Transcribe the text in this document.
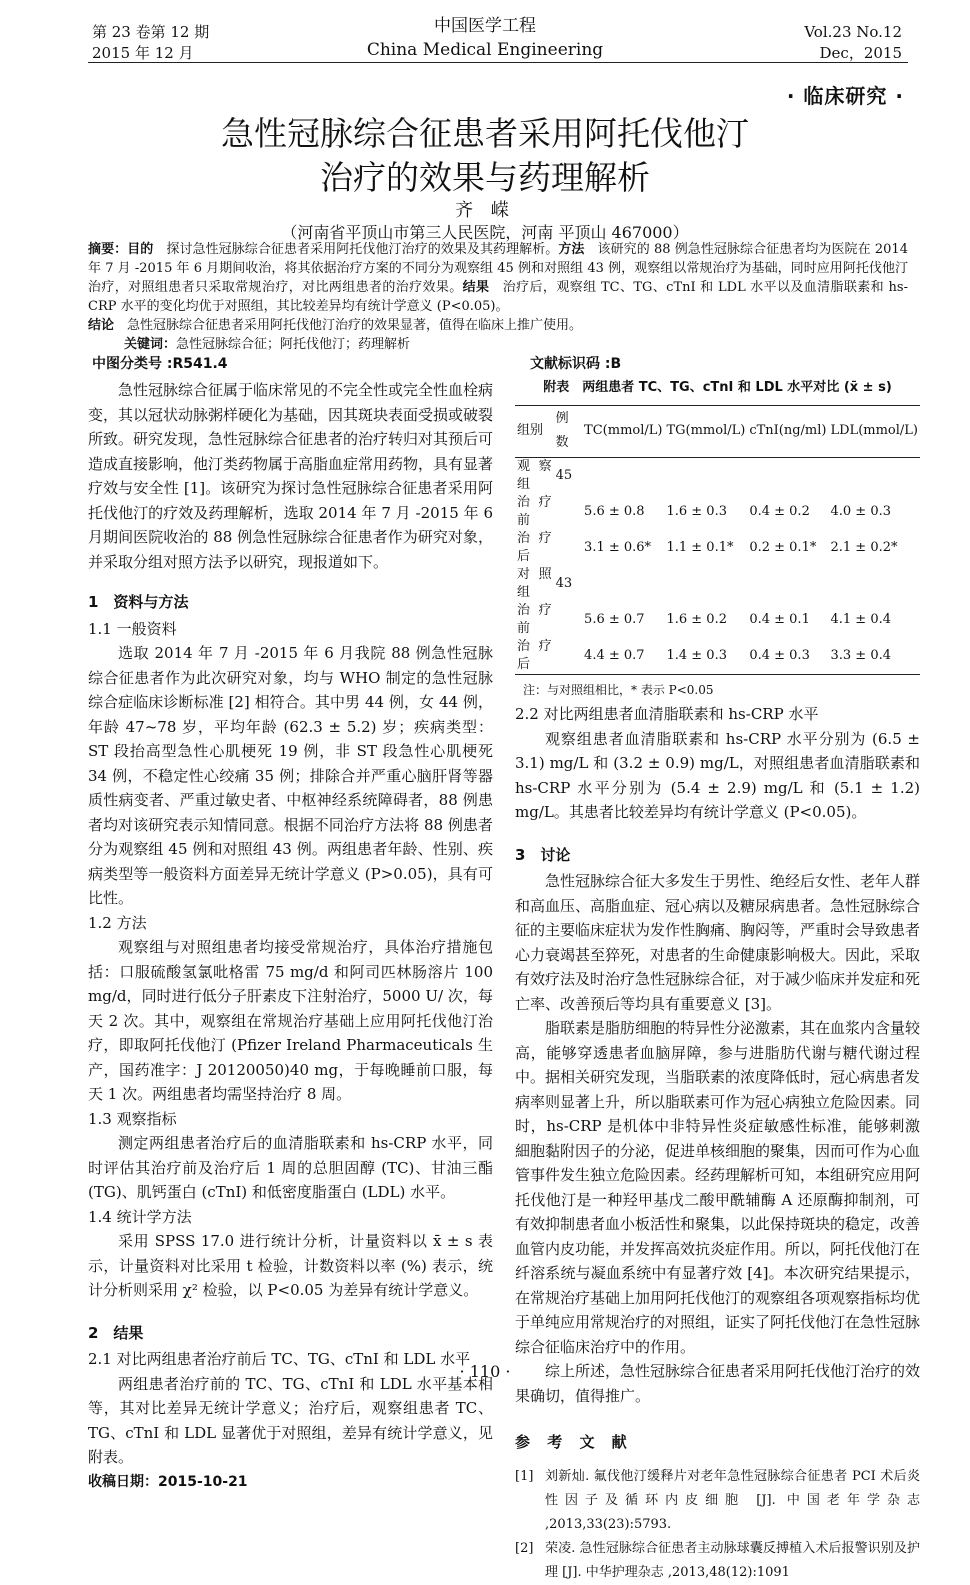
第 23 卷第 12 期
2015 年 12 月
中国医学工程
China Medical Engineering
Vol.23 No.12
Dec，2015
· 临床研究 ·
急性冠脉综合征患者采用阿托伐他汀
治疗的效果与药理解析
齐 嵘
（河南省平顶山市第三人民医院，河南 平顶山 467000）
摘要：目的　 探讨急性冠脉综合征患者采用阿托伐他汀治疗的效果及其药理解析。方法　 该研究的 88 例急性冠脉综合征患者均为医院在 2014 年 7 月 -2015 年 6 月期间收治，将其依据治疗方案的不同分为观察组 45 例和对照组 43 例，观察组以常规治疗为基础，同时应用阿托伐他汀治疗，对照组患者只采取常规治疗，对比两组患者的治疗效果。结果　 治疗后，观察组 TC、TG、cTnI 和 LDL 水平以及血清脂联素和 hs-CRP 水平的变化均优于对照组，其比较差异均有统计学意义 (P<0.05)。
结论　 急性冠脉综合征患者采用阿托伐他汀治疗的效果显著，值得在临床上推广使用。
关键词：急性冠脉综合征；阿托伐他汀；药理解析
中图分类号 :R541.4	文献标识码 :B

急性冠脉综合征属于临床常见的不完全性或完全性血栓病变，其以冠状动脉粥样硬化为基础，因其斑块表面受损或破裂所致。研究发现，急性冠脉综合征患者的治疗转归对其预后可造成直接影响，他汀类药物属于高脂血症常用药物，具有显著疗效与安全性 [1]。该研究为探讨急性冠脉综合征患者采用阿托伐他汀的疗效及药理解析，选取 2014 年 7 月 -2015 年 6 月期间医院收治的 88 例急性冠脉综合征患者作为研究对象，并采取分组对照方法予以研究，现报道如下。

1　资料与方法
1.1 一般资料

选取 2014 年 7 月 -2015 年 6 月我院 88 例急性冠脉综合征患者作为此次研究对象，均与 WHO 制定的急性冠脉综合症临床诊断标准 [2] 相符合。其中男 44 例，女 44 例，年龄 47~78 岁，平均年龄 (62.3 ± 5.2) 岁；疾病类型：ST 段抬高型急性心肌梗死 19 例，非 ST 段急性心肌梗死 34 例，不稳定性心绞痛 35 例；排除合并严重心脑肝肾等器质性病变者、严重过敏史者、中枢神经系统障碍者，88 例患者均对该研究表示知情同意。根据不同治疗方法将 88 例患者分为观察组 45 例和对照组 43 例。两组患者年龄、性别、疾病类型等一般资料方面差异无统计学意义 (P>0.05)，具有可比性。

1.2 方法

观察组与对照组患者均接受常规治疗，具体治疗措施包括：口服硫酸氢氯吡格雷 75 mg/d 和阿司匹林肠溶片 100 mg/d，同时进行低分子肝素皮下注射治疗，5000 U/ 次，每天 2 次。其中，观察组在常规治疗基础上应用阿托伐他汀治疗，即取阿托伐他汀 (Pfizer Ireland Pharmaceuticals 生产，国药准字：J 20120050)40 mg，于每晚睡前口服，每天 1 次。两组患者均需坚持治疗 8 周。

1.3 观察指标

测定两组患者治疗后的血清脂联素和 hs-CRP 水平，同时评估其治疗前及治疗后 1 周的总胆固醇 (TC)、甘油三酯 (TG)、肌钙蛋白 (cTnI) 和低密度脂蛋白 (LDL) 水平。

1.4 统计学方法

采用 SPSS 17.0 进行统计分析，计量资料以 x̄ ± s 表示，计量资料对比采用 t 检验，计数资料以率 (%) 表示，统计分析则采用 χ² 检验，以 P<0.05 为差异有统计学意义。

2　结果
2.1 对比两组患者治疗前后 TC、TG、cTnI 和 LDL 水平

两组患者治疗前的 TC、TG、cTnI 和 LDL 水平基本相等，其对比差异无统计学意义；治疗后，观察组患者 TC、TG、cTnI 和 LDL 显著优于对照组，差异有统计学意义，见附表。

收稿日期：2015-10-21
附表　两组患者 TC、TG、cTnI 和 LDL 水平对比 (x̄ ± s)
组别	例数	TC(mmol/L)	TG(mmol/L)	cTnI(ng/ml)	LDL(mmol/L)
观察组	45				
治疗前		5.6 ± 0.8	1.6 ± 0.3	0.4 ± 0.2	4.0 ± 0.3
治疗后		3.1 ± 0.6*	1.1 ± 0.1*	0.2 ± 0.1*	2.1 ± 0.2*
对照组	43				
治疗前		5.6 ± 0.7	1.6 ± 0.2	0.4 ± 0.1	4.1 ± 0.4
治疗后		4.4 ± 0.7	1.4 ± 0.3	0.4 ± 0.3	3.3 ± 0.4
注：与对照组相比，* 表示 P<0.05
2.2 对比两组患者血清脂联素和 hs-CRP 水平

观察组患者血清脂联素和 hs-CRP 水平分别为 (6.5 ± 3.1) mg/L 和 (3.2 ± 0.9) mg/L，对照组患者血清脂联素和 hs-CRP 水平分别为 (5.4 ± 2.9) mg/L 和 (5.1 ± 1.2) mg/L。其患者比较差异均有统计学意义 (P<0.05)。

3　讨论

急性冠脉综合征大多发生于男性、绝经后女性、老年人群和高血压、高脂血症、冠心病以及糖尿病患者。急性冠脉综合征的主要临床症状为发作性胸痛、胸闷等，严重时会导致患者心力衰竭甚至猝死，对患者的生命健康影响极大。因此，采取有效疗法及时治疗急性冠脉综合征，对于减少临床并发症和死亡率、改善预后等均具有重要意义 [3]。

脂联素是脂肪细胞的特异性分泌激素，其在血浆内含量较高，能够穿透患者血脑屏障，参与进脂肪代谢与糖代谢过程中。据相关研究发现，当脂联素的浓度降低时，冠心病患者发病率则显著上升，所以脂联素可作为冠心病独立危险因素。同时，hs-CRP 是机体中非特异性炎症敏感性标准，能够刺激細胞黏附因子的分泌，促进单核细胞的聚集，因而可作为心血管事件发生独立危险因素。经药理解析可知，本组研究应用阿托伐他汀是一种羟甲基戊二酸甲酰辅酶 A 还原酶抑制剂，可有效抑制患者血小板活性和聚集，以此保持斑块的稳定，改善血管内皮功能，并发挥高效抗炎症作用。所以，阿托伐他汀在纤溶系统与凝血系统中有显著疗效 [4]。本次研究结果提示，在常规治疗基础上加用阿托伐他汀的观察组各项观察指标均优于单纯应用常规治疗的对照组，证实了阿托伐他汀在急性冠脉综合征临床治疗中的作用。

综上所述，急性冠脉综合征患者采用阿托伐他汀治疗的效果确切，值得推广。

参 考 文 献
[1] 刘新灿. 氟伐他汀缓释片对老年急性冠脉综合征患者 PCI 术后炎性因子及循环内皮细胞 [J]. 中国老年学杂志 ,2013,33(23):5793.
[2] 荣凌. 急性冠脉综合征患者主动脉球囊反搏植入术后报警识别及护理 [J]. 中华护理杂志 ,2013,48(12):1091
· 110 ·
